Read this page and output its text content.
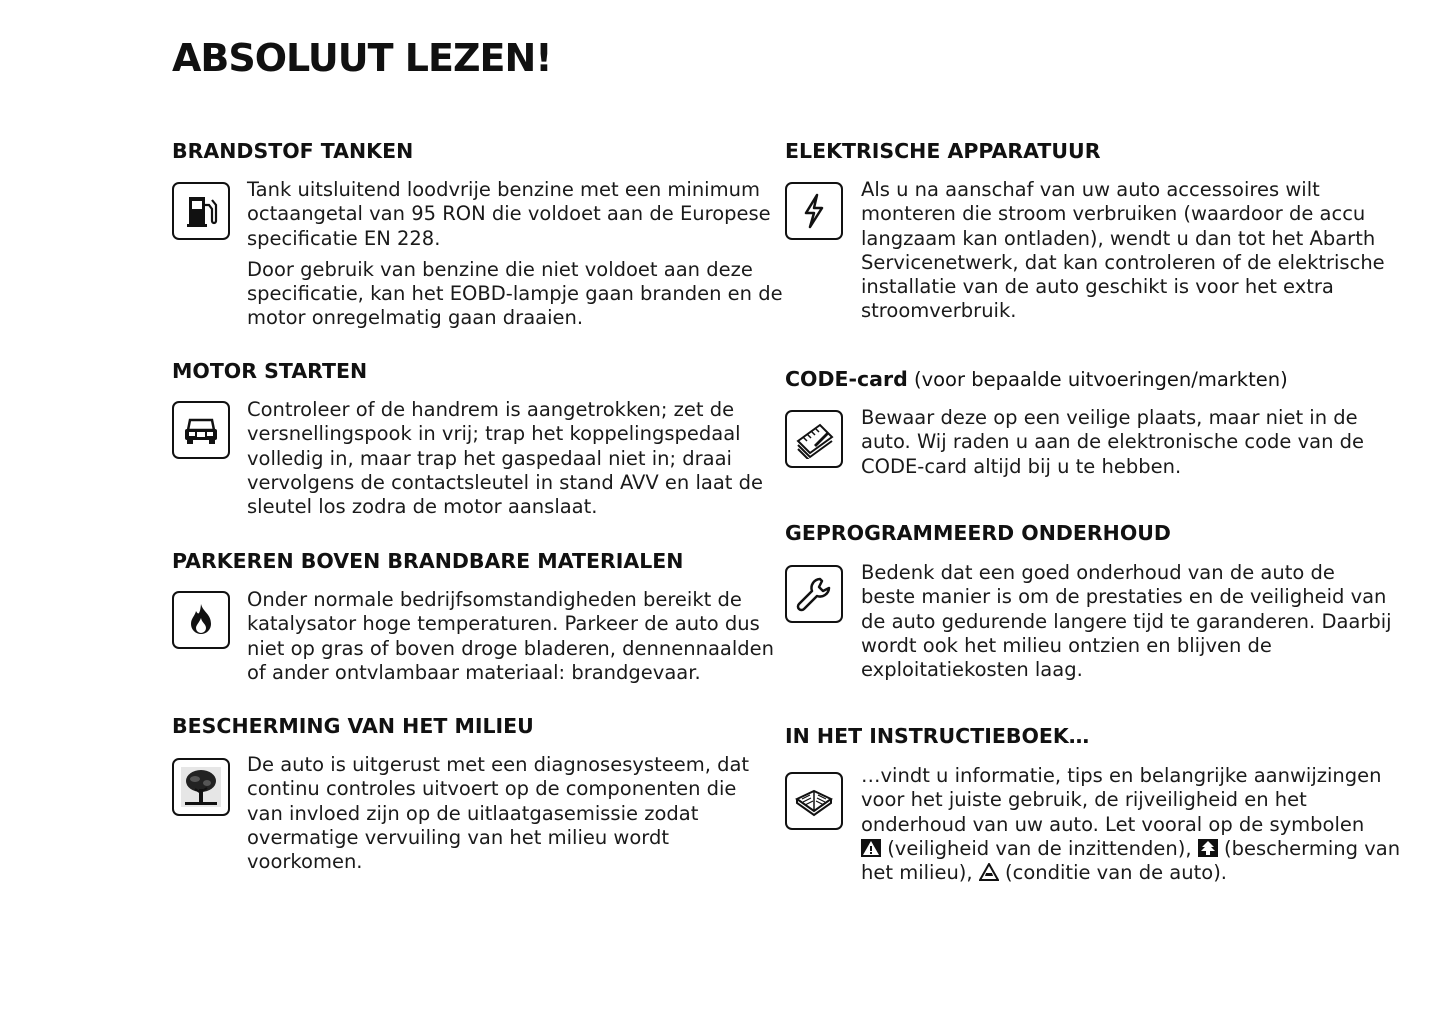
ABSOLUUT LEZEN!
BRANDSTOF TANKEN

Tank uitsluitend loodvrije benzine met een minimum
octaangetal van 95 RON die voldoet aan de Europese
specificatie EN 228.

Door gebruik van benzine die niet voldoet aan deze
specificatie, kan het EOBD-lampje gaan branden en de
motor onregelmatig gaan draaien.

MOTOR STARTEN

Controleer of de handrem is aangetrokken; zet de
versnellingspook in vrij; trap het koppelingspedaal
volledig in, maar trap het gaspedaal niet in; draai
vervolgens de contactsleutel in stand AVV en laat de
sleutel los zodra de motor aanslaat.

PARKEREN BOVEN BRANDBARE MATERIALEN

Onder normale bedrijfsomstandigheden bereikt de
katalysator hoge temperaturen. Parkeer de auto dus
niet op gras of boven droge bladeren, dennennaalden
of ander ontvlambaar materiaal: brandgevaar.

BESCHERMING VAN HET MILIEU

De auto is uitgerust met een diagnosesysteem, dat
continu controles uitvoert op de componenten die
van invloed zijn op de uitlaatgasemissie zodat
overmatige vervuiling van het milieu wordt
voorkomen.

ELEKTRISCHE APPARATUUR

Als u na aanschaf van uw auto accessoires wilt
monteren die stroom verbruiken (waardoor de accu
langzaam kan ontladen), wendt u dan tot het Abarth
Servicenetwerk, dat kan controleren of de elektrische
installatie van de auto geschikt is voor het extra
stroomverbruik.

CODE-card (voor bepaalde uitvoeringen/markten)

Bewaar deze op een veilige plaats, maar niet in de
auto. Wij raden u aan de elektronische code van de
CODE-card altijd bij u te hebben.

GEPROGRAMMEERD ONDERHOUD

Bedenk dat een goed onderhoud van de auto de
beste manier is om de prestaties en de veiligheid van
de auto gedurende langere tijd te garanderen. Daarbij
wordt ook het milieu ontzien en blijven de
exploitatiekosten laag.

IN HET INSTRUCTIEBOEK…

…vindt u informatie, tips en belangrijke aanwijzingen
voor het juiste gebruik, de rijveiligheid en het
onderhoud van uw auto. Let vooral op de symbolen
(veiligheid van de inzittenden),  (bescherming van
het milieu),  (conditie van de auto).
